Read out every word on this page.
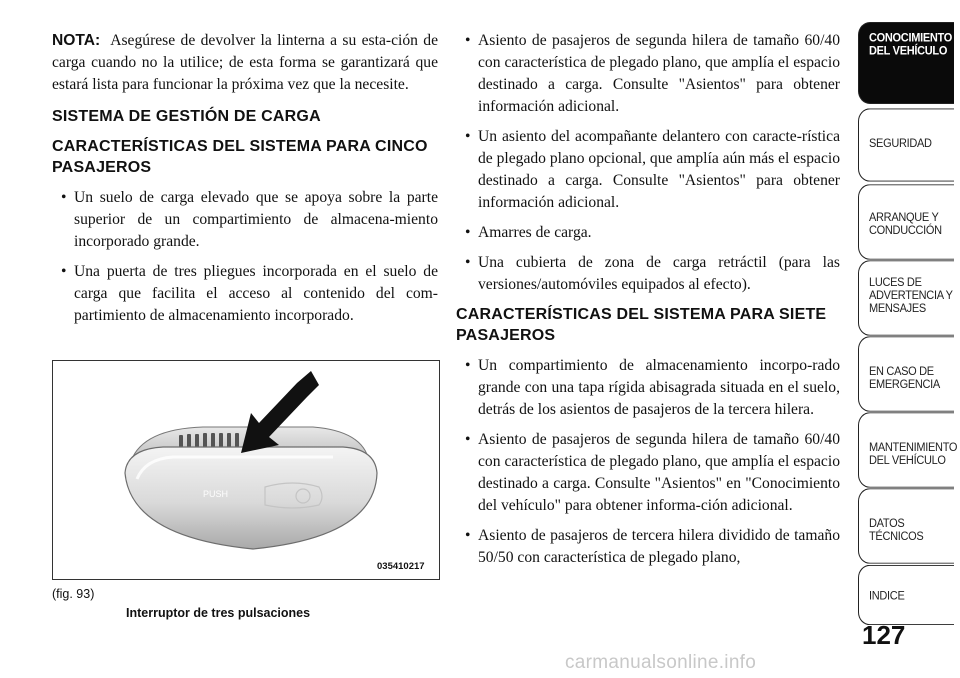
NOTA: Asegúrese de devolver la linterna a su esta-ción de carga cuando no la utilice; de esta forma se garantizará que estará lista para funcionar la próxima vez que la necesite.

SISTEMA DE GESTIÓN DE CARGA
CARACTERÍSTICAS DEL SISTEMA PARA CINCO PASAJEROS
• Un suelo de carga elevado que se apoya sobre la parte superior de un compartimiento de almacena-miento incorporado grande.
• Una puerta de tres pliegues incorporada en el suelo de carga que facilita el acceso al contenido del com-partimiento de almacenamiento incorporado.
PUSH
035410217
(fig. 93)
Interruptor de tres pulsaciones
• Asiento de pasajeros de segunda hilera de tamaño 60/40 con característica de plegado plano, que amplía el espacio destinado a carga. Consulte "Asientos" para obtener información adicional.
• Un asiento del acompañante delantero con caracte-rística de plegado plano opcional, que amplía aún más el espacio destinado a carga. Consulte "Asientos" para obtener información adicional.
• Amarres de carga.
• Una cubierta de zona de carga retráctil (para las versiones/automóviles equipados al efecto).
CARACTERÍSTICAS DEL SISTEMA PARA SIETE PASAJEROS
• Un compartimiento de almacenamiento incorpo-rado grande con una tapa rígida abisagrada situada en el suelo, detrás de los asientos de pasajeros de la tercera hilera.
• Asiento de pasajeros de segunda hilera de tamaño 60/40 con característica de plegado plano, que amplía el espacio destinado a carga. Consulte "Asientos" en "Conocimiento del vehículo" para obtener informa-ción adicional.
• Asiento de pasajeros de tercera hilera dividido de tamaño 50/50 con característica de plegado plano,
CONOCIMIENTO
DEL VEHÍCULO
SEGURIDAD
ARRANQUE Y
CONDUCCIÓN
LUCES DE
ADVERTENCIA Y
MENSAJES
EN CASO DE
EMERGENCIA
MANTENIMIENTO
DEL VEHÍCULO
DATOS
TÉCNICOS
INDICE
127
carmanualsonline.info
